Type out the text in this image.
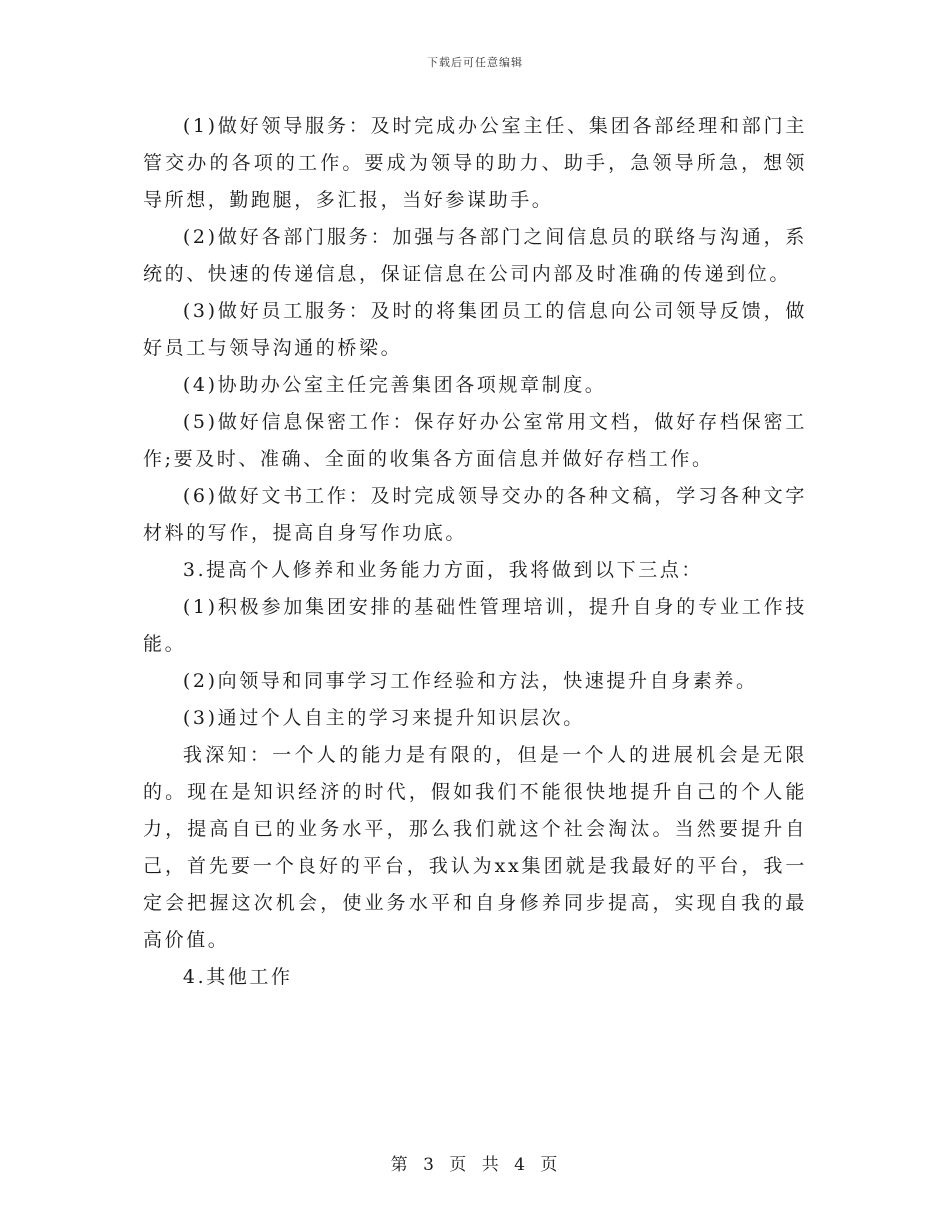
下载后可任意编辑

(1)做好领导服务：及时完成办公室主任、集团各部经理和部门主管交办的各项的工作。要成为领导的助力、助手，急领导所急，想领导所想，勤跑腿，多汇报，当好参谋助手。

(2)做好各部门服务：加强与各部门之间信息员的联络与沟通，系统的、快速的传递信息，保证信息在公司内部及时准确的传递到位。

(3)做好员工服务：及时的将集团员工的信息向公司领导反馈，做好员工与领导沟通的桥梁。

(4)协助办公室主任完善集团各项规章制度。

(5)做好信息保密工作：保存好办公室常用文档，做好存档保密工作;要及时、准确、全面的收集各方面信息并做好存档工作。

(6)做好文书工作：及时完成领导交办的各种文稿，学习各种文字材料的写作，提高自身写作功底。

3.提高个人修养和业务能力方面，我将做到以下三点：

(1)积极参加集团安排的基础性管理培训，提升自身的专业工作技能。

(2)向领导和同事学习工作经验和方法，快速提升自身素养。

(3)通过个人自主的学习来提升知识层次。

我深知：一个人的能力是有限的，但是一个人的进展机会是无限的。现在是知识经济的时代，假如我们不能很快地提升自己的个人能力，提高自已的业务水平，那么我们就这个社会淘汰。当然要提升自己，首先要一个良好的平台，我认为xx集团就是我最好的平台，我一定会把握这次机会，使业务水平和自身修养同步提高，实现自我的最高价值。

4.其他工作

第 3 页 共 4 页
